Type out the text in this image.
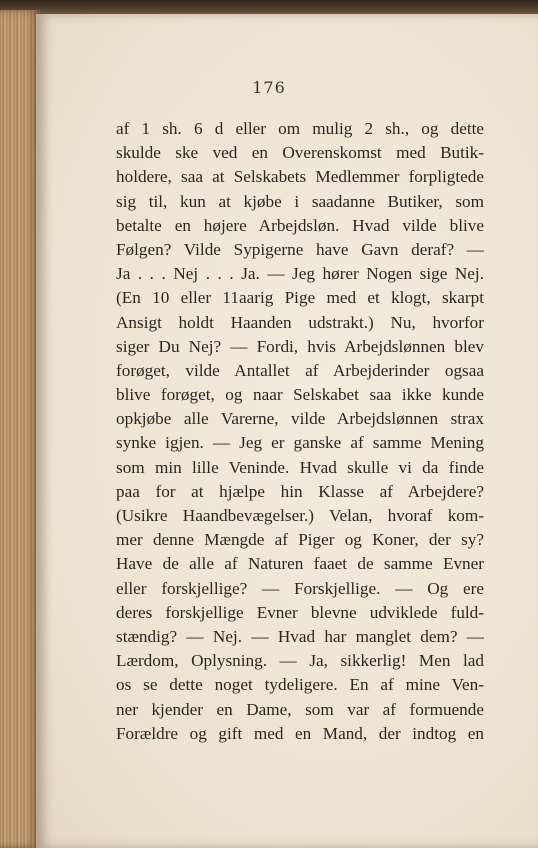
176
af 1 sh. 6 d eller om mulig 2 sh., og dette
skulde ske ved en Overenskomst med Butik-
holdere, saa at Selskabets Medlemmer forpligtede
sig til, kun at kjøbe i saadanne Butiker, som
betalte en højere Arbejdsløn. Hvad vilde blive
Følgen? Vilde Sypigerne have Gavn deraf? —
Ja . . . Nej . . . Ja. — Jeg hører Nogen sige Nej.
(En 10 eller 11aarig Pige med et klogt, skarpt
Ansigt holdt Haanden udstrakt.) Nu, hvorfor
siger Du Nej? — Fordi, hvis Arbejdslønnen blev
forøget, vilde Antallet af Arbejderinder ogsaa
blive forøget, og naar Selskabet saa ikke kunde
opkjøbe alle Varerne, vilde Arbejdslønnen strax
synke igjen. — Jeg er ganske af samme Mening
som min lille Veninde. Hvad skulle vi da finde
paa for at hjælpe hin Klasse af Arbejdere?
(Usikre Haandbevægelser.) Velan, hvoraf kom-
mer denne Mængde af Piger og Koner, der sy?
Have de alle af Naturen faaet de samme Evner
eller forskjellige? — Forskjellige. — Og ere
deres forskjellige Evner blevne udviklede fuld-
stændig? — Nej. — Hvad har manglet dem? —
Lærdom, Oplysning. — Ja, sikkerlig! Men lad
os se dette noget tydeligere. En af mine Ven-
ner kjender en Dame, som var af formuende
Forældre og gift med en Mand, der indtog en
